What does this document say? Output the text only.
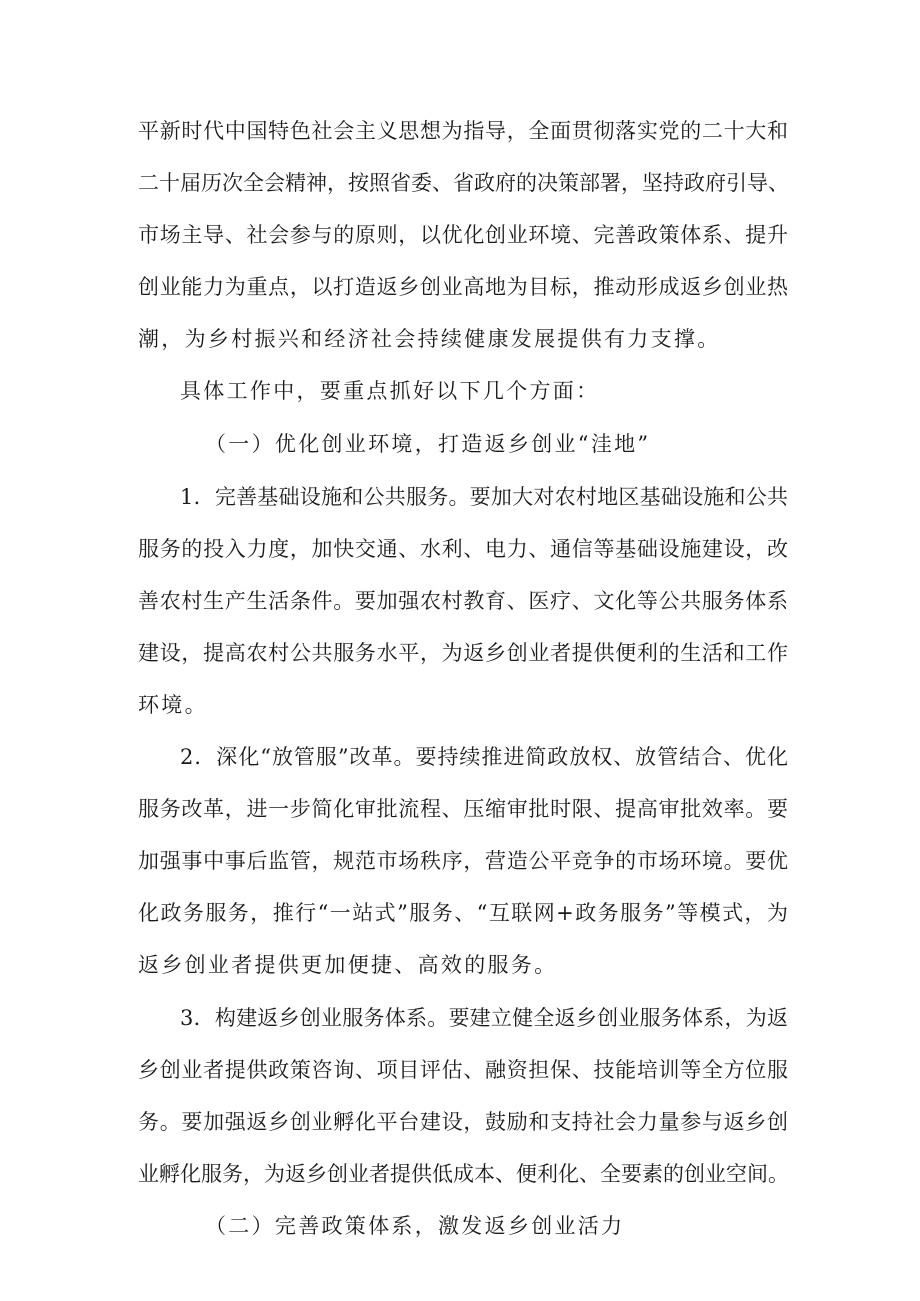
平新时代中国特色社会主义思想为指导，全面贯彻落实党的二十大和
二十届历次全会精神，按照省委、省政府的决策部署，坚持政府引导、
市场主导、社会参与的原则，以优化创业环境、完善政策体系、提升
创业能力为重点，以打造返乡创业高地为目标，推动形成返乡创业热
潮，为乡村振兴和经济社会持续健康发展提供有力支撑。
具体工作中，要重点抓好以下几个方面：
（一）优化创业环境，打造返乡创业“洼地”
1．完善基础设施和公共服务。要加大对农村地区基础设施和公共
服务的投入力度，加快交通、水利、电力、通信等基础设施建设，改
善农村生产生活条件。要加强农村教育、医疗、文化等公共服务体系
建设，提高农村公共服务水平，为返乡创业者提供便利的生活和工作
环境。
2．深化“放管服”改革。要持续推进简政放权、放管结合、优化
服务改革，进一步简化审批流程、压缩审批时限、提高审批效率。要
加强事中事后监管，规范市场秩序，营造公平竞争的市场环境。要优
化政务服务，推行“一站式”服务、“互联网+政务服务”等模式，为
返乡创业者提供更加便捷、高效的服务。
3．构建返乡创业服务体系。要建立健全返乡创业服务体系，为返
乡创业者提供政策咨询、项目评估、融资担保、技能培训等全方位服
务。要加强返乡创业孵化平台建设，鼓励和支持社会力量参与返乡创
业孵化服务，为返乡创业者提供低成本、便利化、全要素的创业空间。
（二）完善政策体系，激发返乡创业活力
